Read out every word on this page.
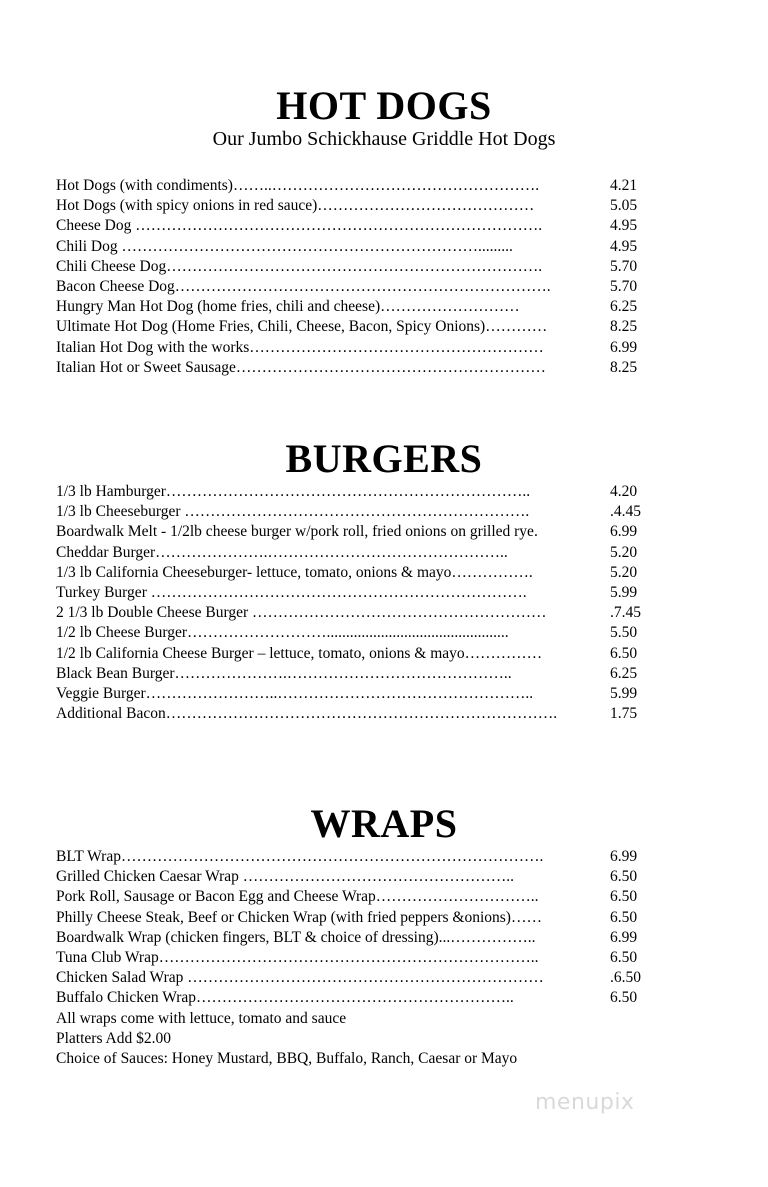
HOT DOGS
Our Jumbo Schickhause Griddle Hot Dogs
Hot Dogs (with condiments)……..…………………………………………….	4.21
Hot Dogs (with spicy onions in red sauce)……………………………………	5.05
Cheese Dog …………………………………………………………………….	4.95
Chili Dog …………………………………………………………….........	4.95
Chili Cheese Dog……………………………………………………………….	5.70
Bacon Cheese Dog……………………………………………………………….	5.70
Hungry Man Hot Dog (home fries, chili and cheese)………………………	6.25
Ultimate Hot Dog (Home Fries, Chili, Cheese, Bacon, Spicy Onions)…………	8.25
Italian Hot Dog with the works…………………………………………………	6.99
Italian Hot or Sweet Sausage……………………………………………………	8.25
BURGERS
1/3 lb Hamburger……………………………………………………………..	4.20
1/3 lb Cheeseburger ………………………………………………………….	.4.45
Boardwalk Melt - 1/2lb cheese burger w/pork roll, fried onions on grilled rye.	6.99
Cheddar Burger………………….………………………………………..	5.20
1/3 lb California Cheeseburger- lettuce, tomato, onions & mayo…………….	5.20
Turkey Burger ……………………………………………………………….	5.99
2 1/3 lb Double Cheese Burger …………………………………………………	.7.45
1/2 lb Cheese Burger………………………...............................................	5.50
1/2 lb California Cheese Burger – lettuce, tomato, onions & mayo……………	6.50
Black Bean Burger………………….……………………………………..	6.25
Veggie Burger……………………..…………………………………………..	5.99
Additional Bacon………………………………………………………………….	1.75
WRAPS
BLT Wrap……………………………………………………………………….	6.99
Grilled Chicken Caesar Wrap ……………………………………………..	6.50
Pork Roll, Sausage or Bacon Egg and Cheese Wrap…………………………..	6.50
Philly Cheese Steak, Beef or Chicken Wrap (with fried peppers &onions)……	6.50
Boardwalk Wrap (chicken fingers, BLT & choice of dressing)...……………..	6.99
Tuna Club Wrap………………………………………………………………..	6.50
Chicken Salad Wrap ……………………………………………………………	.6.50
Buffalo Chicken Wrap……………………………………………………..	6.50
All wraps come with lettuce, tomato and sauce
Platters Add $2.00
Choice of Sauces: Honey Mustard, BBQ, Buffalo, Ranch, Caesar or Mayo
menupix
